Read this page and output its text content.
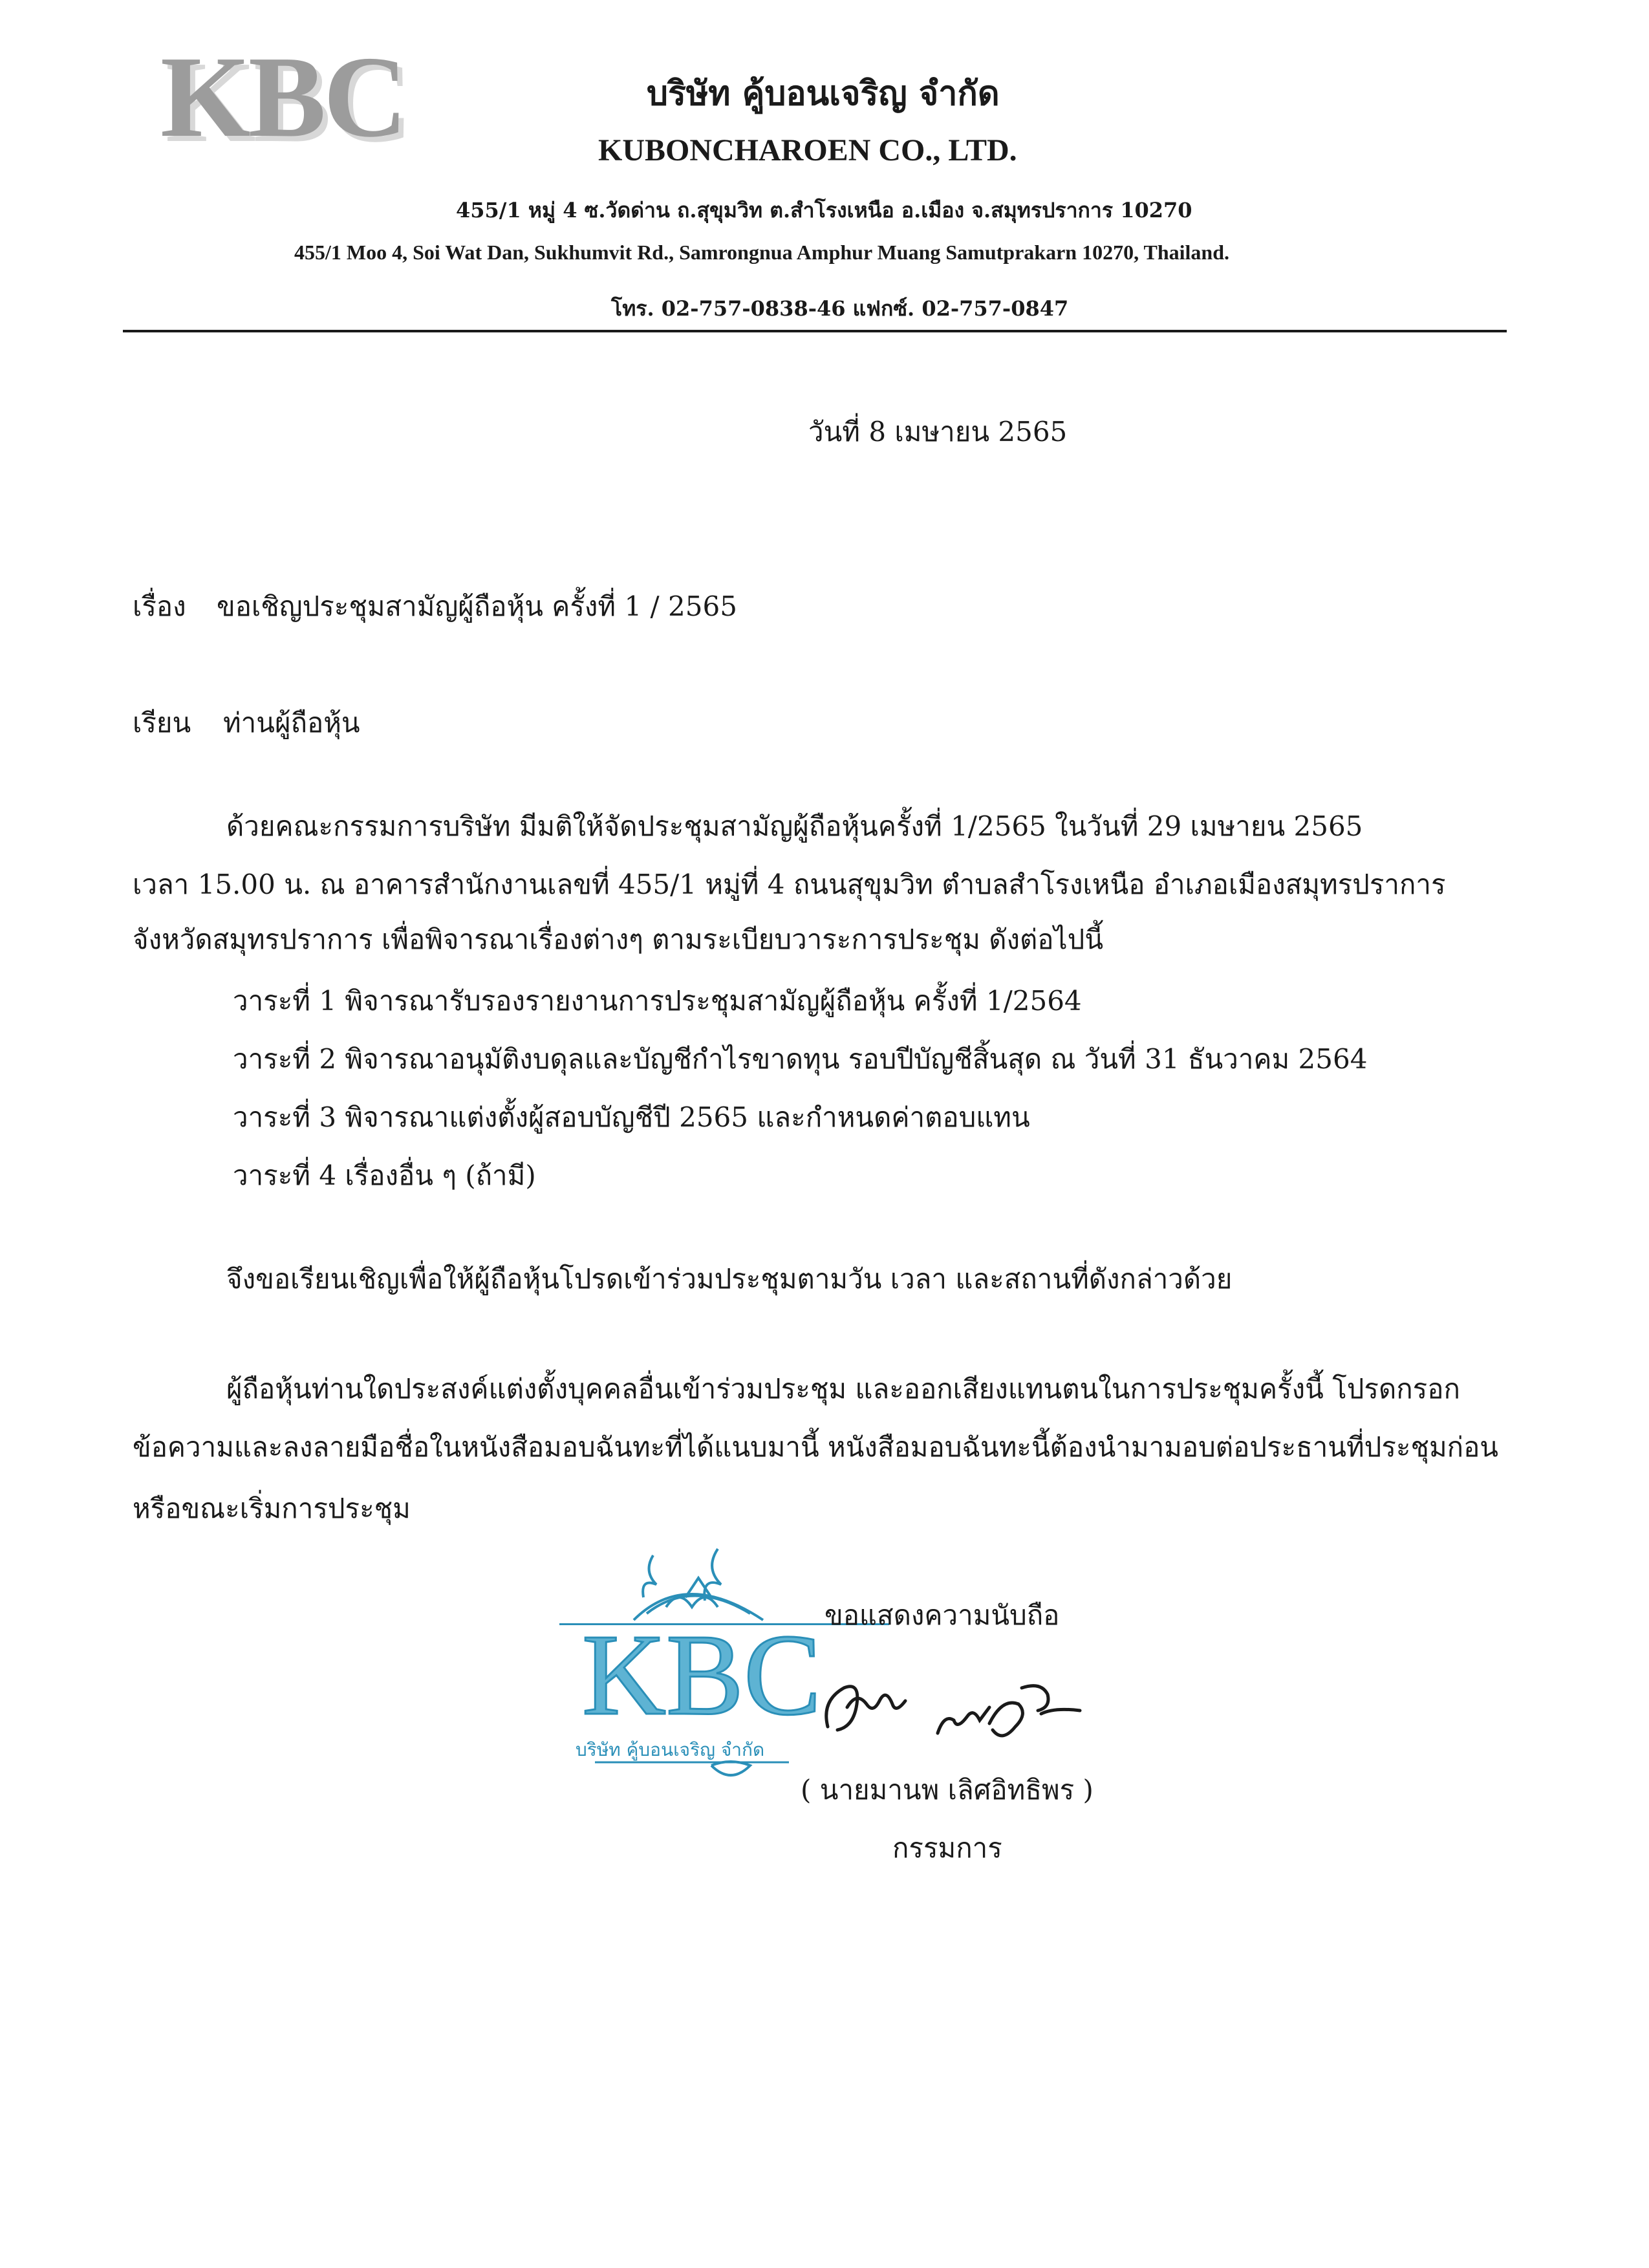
KBC	บริษัท คู้บอนเจริญ จำกัด
KUBONCHAROEN CO., LTD.
455/1 หมู่ 4 ซ.วัดด่าน ถ.สุขุมวิท ต.สำโรงเหนือ อ.เมือง จ.สมุทรปราการ 10270
455/1 Moo 4, Soi Wat Dan, Sukhumvit Rd., Samrongnua Amphur Muang Samutprakarn 10270, Thailand.
โทร. 02-757-0838-46 แฟกซ์. 02-757-0847
วันที่ 8 เมษายน 2565
เรื่อง ขอเชิญประชุมสามัญผู้ถือหุ้น ครั้งที่ 1 / 2565
เรียน ท่านผู้ถือหุ้น
ด้วยคณะกรรมการบริษัท มีมติให้จัดประชุมสามัญผู้ถือหุ้นครั้งที่ 1/2565 ในวันที่ 29 เมษายน 2565
เวลา 15.00 น. ณ อาคารสำนักงานเลขที่ 455/1 หมู่ที่ 4 ถนนสุขุมวิท ตำบลสำโรงเหนือ อำเภอเมืองสมุทรปราการ
จังหวัดสมุทรปราการ เพื่อพิจารณาเรื่องต่างๆ ตามระเบียบวาระการประชุม ดังต่อไปนี้
วาระที่ 1 พิจารณารับรองรายงานการประชุมสามัญผู้ถือหุ้น ครั้งที่ 1/2564
วาระที่ 2 พิจารณาอนุมัติงบดุลและบัญชีกำไรขาดทุน รอบปีบัญชีสิ้นสุด ณ วันที่ 31 ธันวาคม 2564
วาระที่ 3 พิจารณาแต่งตั้งผู้สอบบัญชีปี 2565 และกำหนดค่าตอบแทน
วาระที่ 4 เรื่องอื่น ๆ (ถ้ามี)
จึงขอเรียนเชิญเพื่อให้ผู้ถือหุ้นโปรดเข้าร่วมประชุมตามวัน เวลา และสถานที่ดังกล่าวด้วย
ผู้ถือหุ้นท่านใดประสงค์แต่งตั้งบุคคลอื่นเข้าร่วมประชุม และออกเสียงแทนตนในการประชุมครั้งนี้ โปรดกรอก
ข้อความและลงลายมือชื่อในหนังสือมอบฉันทะที่ได้แนบมานี้ หนังสือมอบฉันทะนี้ต้องนำมามอบต่อประธานที่ประชุมก่อน
หรือขณะเริ่มการประชุม
KBC
บริษัท คู้บอนเจริญ จำกัด
ขอแสดงความนับถือ
( นายมานพ เลิศอิทธิพร )
กรรมการ
